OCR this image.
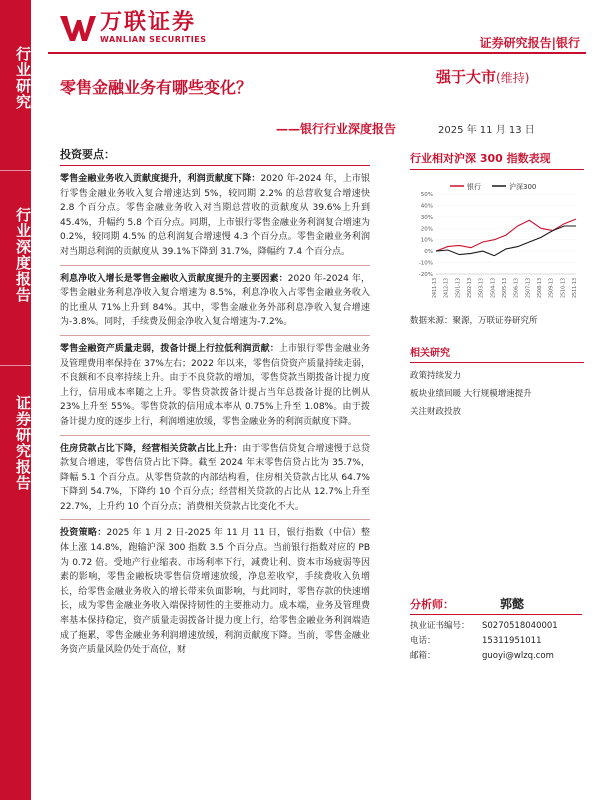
行业研究
行业深度报告
证券研究报告
万联证券
WANLIAN SECURITIES	证券研究报告|银行
零售金融业务有哪些变化？
——银行行业深度报告
强于大市(维持)
2025 年 11 月 13 日
投资要点：

零售金融业务收入贡献度提升，利润贡献度下降：2020 年-2024 年，上市银行零售金融业务收入复合增速达到 5%，较同期 2.2% 的总营收复合增速快 2.8 个百分点。零售金融业务收入对当期总营收的贡献度从 39.6%上升到 45.4%，升幅约 5.8 个百分点。同期，上市银行零售金融业务利润复合增速为 0.2%，较同期 4.5% 的总利润复合增速慢 4.3 个百分点。零售金融业务利润对当期总利润的贡献度从 39.1%下降到 31.7%，降幅约 7.4 个百分点。

利息净收入增长是零售金融收入贡献度提升的主要因素：2020 年-2024 年，零售金融业务利息净收入复合增速为 8.5%，利息净收入占零售金融业务收入的比重从 71%上升到 84%。其中，零售金融业务外部利息净收入复合增速为-3.8%。同时，手续费及佣金净收入复合增速为-7.2%。

零售金融资产质量走弱，拨备计提上行拉低利润贡献：上市银行零售金融业务及管理费用率保持在 37%左右；2022 年以来，零售信贷资产质量持续走弱，不良额和不良率持续上升。由于不良贷款的增加，零售贷款当期拨备计提力度上行，信用成本率随之上升。零售贷款拨备计提占当年总拨备计提的比例从 23%上升至 55%。零售贷款的信用成本率从 0.75%上升至 1.08%。由于拨备计提力度的逐步上行，利润增速放缓，零售金融业务的利润贡献度下降。

住房贷款占比下降，经营相关贷款占比上升：由于零售信贷复合增速慢于总贷款复合增速，零售信贷占比下降。截至 2024 年末零售信贷占比为 35.7%，降幅 5.1 个百分点。从零售贷款的内部结构看，住房相关贷款占比从 64.7%下降到 54.7%，下降约 10 个百分点；经营相关贷款的占比从 12.7%上升至 22.7%，上升约 10 个百分点；消费相关贷款占比变化不大。

投资策略：2025 年 1 月 2 日-2025 年 11 月 11 日，银行指数（中信）整体上涨 14.8%，跑输沪深 300 指数 3.5 个百分点。当前银行指数对应的 PB 为 0.72 倍。受地产行业缩表、市场利率下行，减费让利、资本市场疲弱等因素的影响，零售金融板块零售信贷增速放缓，净息差收窄，手续费收入负增长，给零售金融业务收入的增长带来负面影响，与此同时，零售存款的快速增长，成为零售金融业务收入端保持韧性的主要推动力。成本端，业务及管理费率基本保持稳定，资产质量走弱拨备计提力度上行，给零售金融业务利润端造成了拖累，零售金融业务利润增速放缓，利润贡献度下降。当前，零售金融业务资产质量风险仍处于高位，财

行业相对沪深 300 指数表现
50%
40%
30%
20%
10%
0%
-10%
-20%
2411-13 2412-13 2501-13 2502-13 2503-13 2504-13 2505-13 2506-13 2507-13 2508-13 2509-13 2510-13 2511-13
银行	沪深300
数据来源：聚源，万联证券研究所
相关研究
政策持续发力
板块业绩回暖 大行规模增速提升
关注财政投放
分析师：	郭懿
执业证书编号：	S0270518040001
电话：	15311951011
邮箱：	guoyi@wlzq.com
